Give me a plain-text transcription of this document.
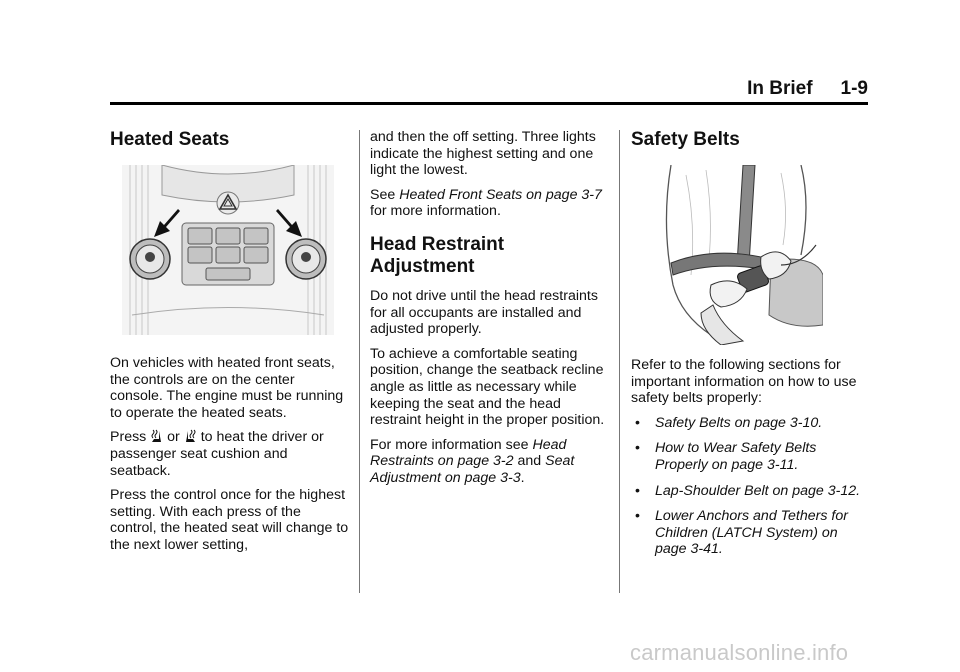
In Brief 1-9
Heated Seats

On vehicles with heated front seats, the controls are on the center console. The engine must be running to operate the heated seats.

Press or to heat the driver or passenger seat cushion and seatback.

Press the control once for the highest setting. With each press of the control, the heated seat will change to the next lower setting,

and then the off setting. Three lights indicate the highest setting and one light the lowest.

See Heated Front Seats on page 3-7 for more information.

Head Restraint Adjustment

Do not drive until the head restraints for all occupants are installed and adjusted properly.

To achieve a comfortable seating position, change the seatback recline angle as little as necessary while keeping the seat and the head restraint height in the proper position.

For more information see Head Restraints on page 3-2 and Seat Adjustment on page 3-3.

Safety Belts

Refer to the following sections for important information on how to use safety belts properly:

• Safety Belts on page 3-10.
• How to Wear Safety Belts Properly on page 3-11.
• Lap-Shoulder Belt on page 3-12.
• Lower Anchors and Tethers for Children (LATCH System) on page 3-41.
carmanualsonline.info
